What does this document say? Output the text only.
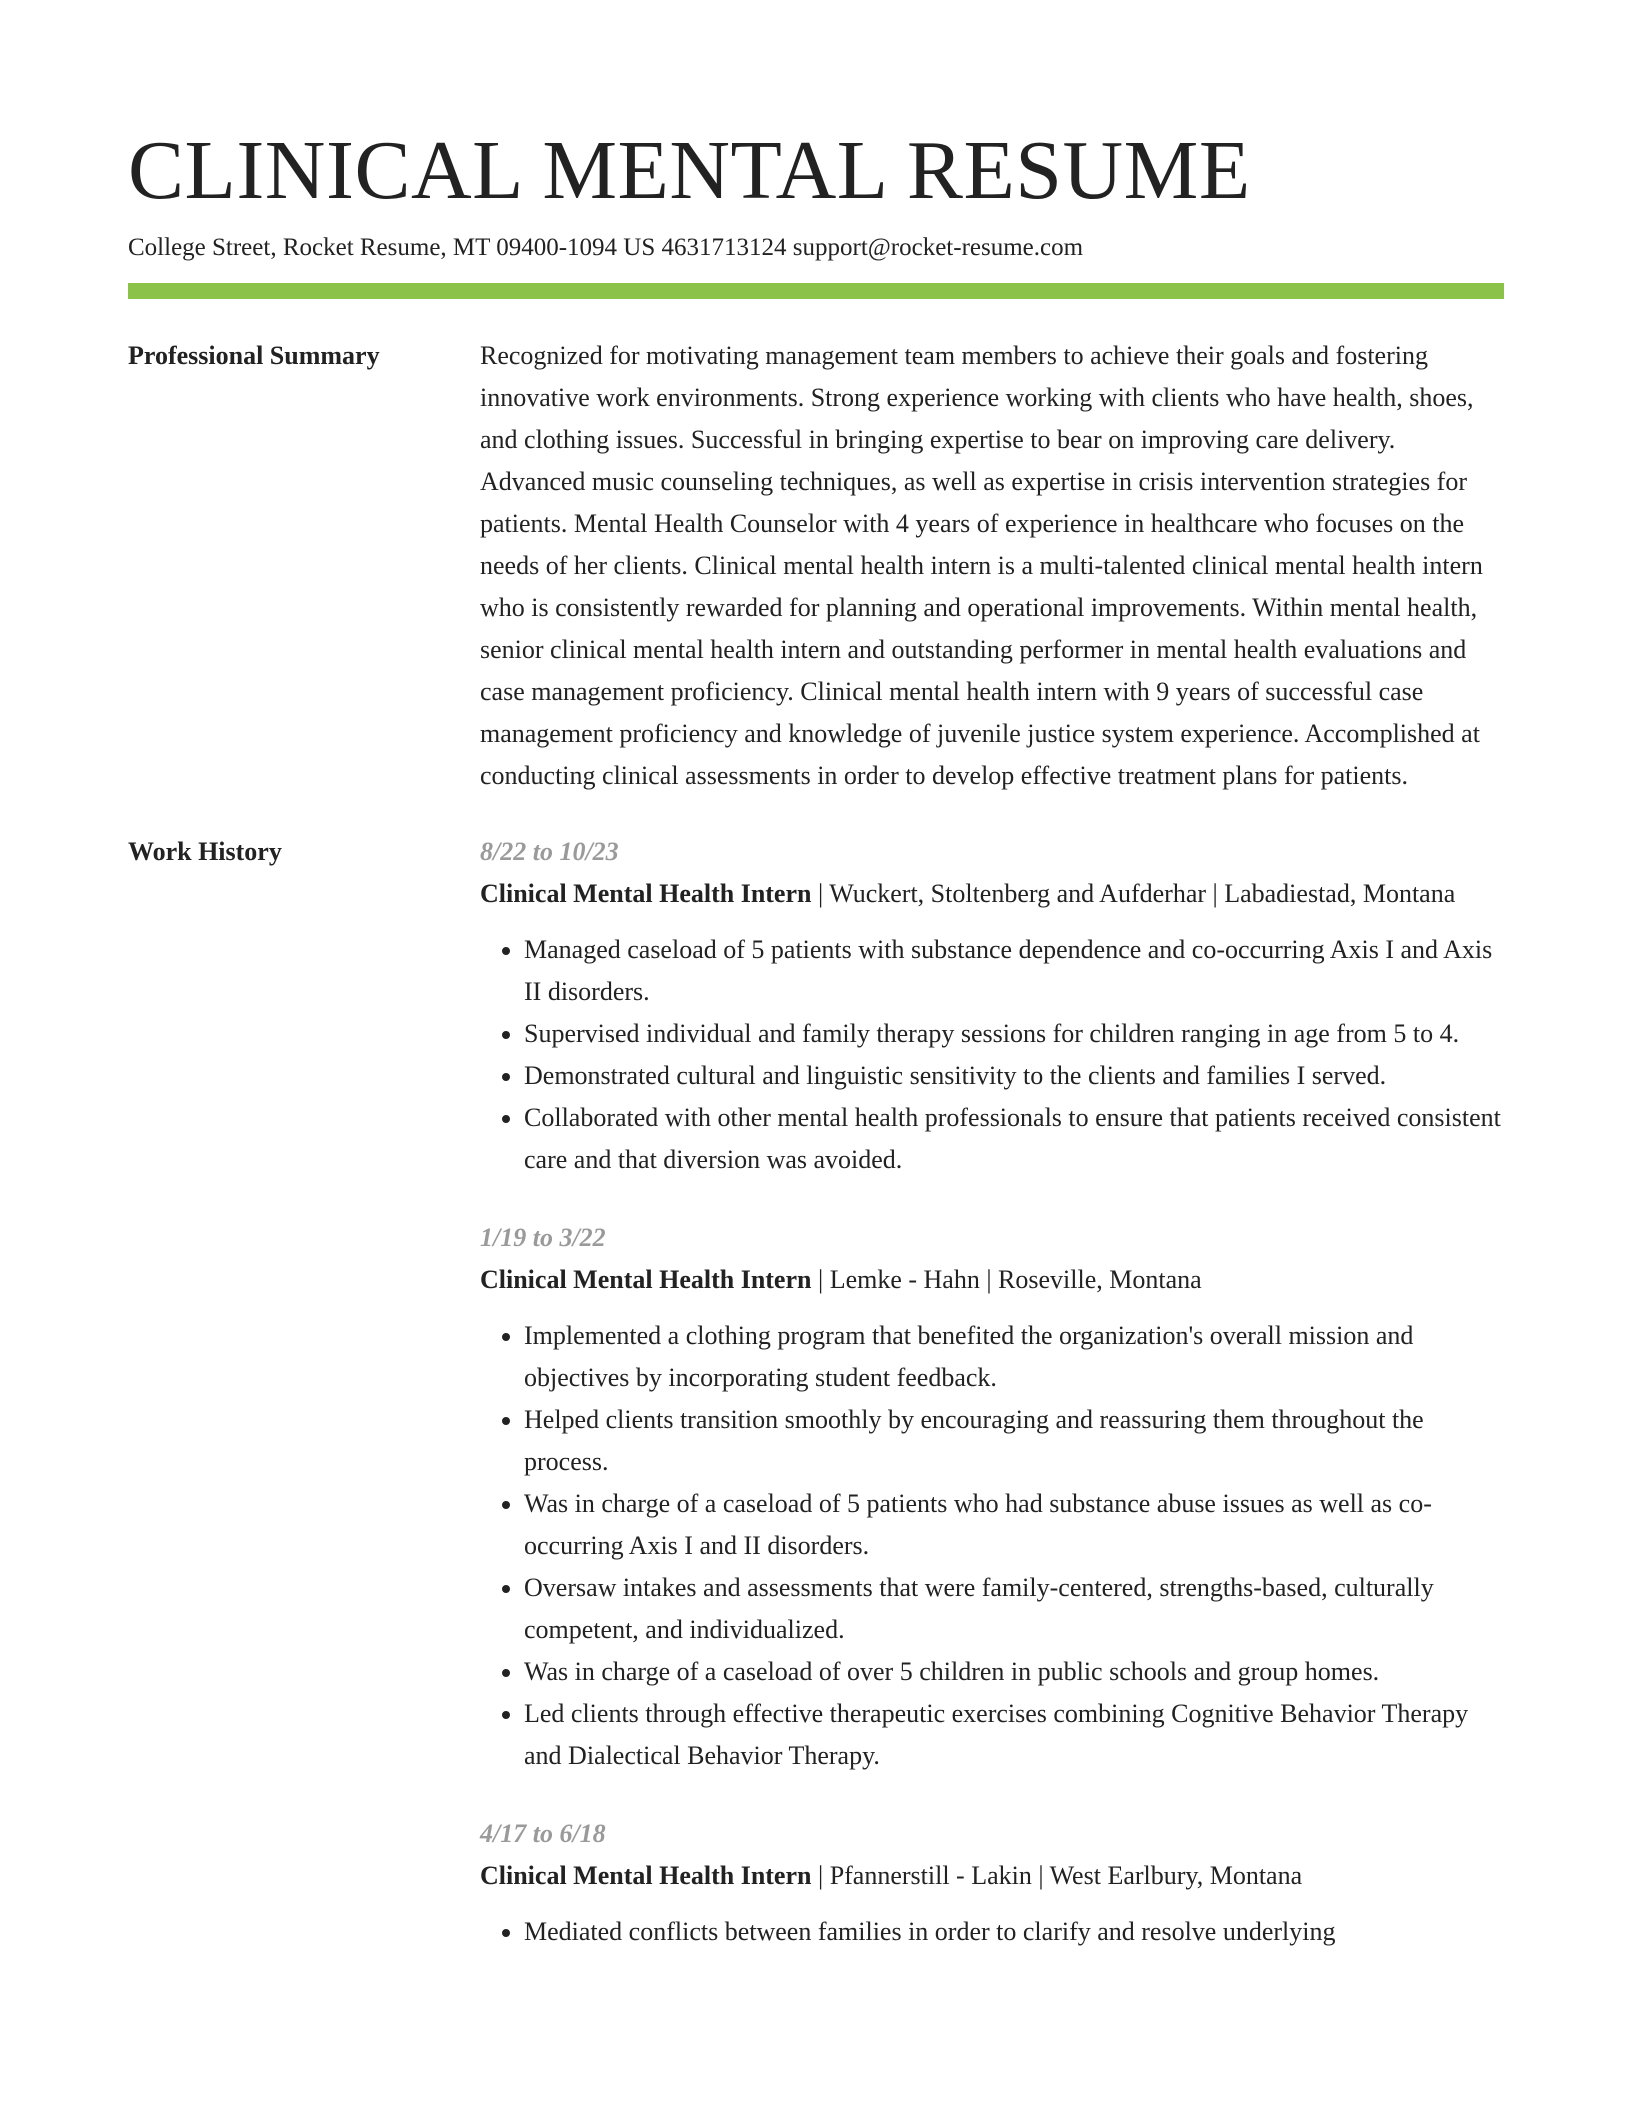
CLINICAL MENTAL RESUME
College Street, Rocket Resume, MT 09400-1094 US 4631713124 support@rocket-resume.com
Professional Summary	Recognized for motivating management team members to achieve their goals and fostering innovative work environments. Strong experience working with clients who have health, shoes, and clothing issues. Successful in bringing expertise to bear on improving care delivery. Advanced music counseling techniques, as well as expertise in crisis intervention strategies for patients. Mental Health Counselor with 4 years of experience in healthcare who focuses on the needs of her clients. Clinical mental health intern is a multi-talented clinical mental health intern who is consistently rewarded for planning and operational improvements. Within mental health, senior clinical mental health intern and outstanding performer in mental health evaluations and case management proficiency. Clinical mental health intern with 9 years of successful case management proficiency and knowledge of juvenile justice system experience. Accomplished at conducting clinical assessments in order to develop effective treatment plans for patients.

Work History	8/22 to 10/23
Clinical Mental Health Intern | Wuckert, Stoltenberg and Aufderhar | Labadiestad, Montana
• Managed caseload of 5 patients with substance dependence and co-occurring Axis I and Axis II disorders.
• Supervised individual and family therapy sessions for children ranging in age from 5 to 4.
• Demonstrated cultural and linguistic sensitivity to the clients and families I served.
• Collaborated with other mental health professionals to ensure that patients received consistent care and that diversion was avoided.
1/19 to 3/22
Clinical Mental Health Intern | Lemke - Hahn | Roseville, Montana
• Implemented a clothing program that benefited the organization's overall mission and objectives by incorporating student feedback.
• Helped clients transition smoothly by encouraging and reassuring them throughout the process.
• Was in charge of a caseload of 5 patients who had substance abuse issues as well as co-occurring Axis I and II disorders.
• Oversaw intakes and assessments that were family-centered, strengths-based, culturally competent, and individualized.
• Was in charge of a caseload of over 5 children in public schools and group homes.
• Led clients through effective therapeutic exercises combining Cognitive Behavior Therapy and Dialectical Behavior Therapy.
4/17 to 6/18
Clinical Mental Health Intern | Pfannerstill - Lakin | West Earlbury, Montana
• Mediated conflicts between families in order to clarify and resolve underlying
